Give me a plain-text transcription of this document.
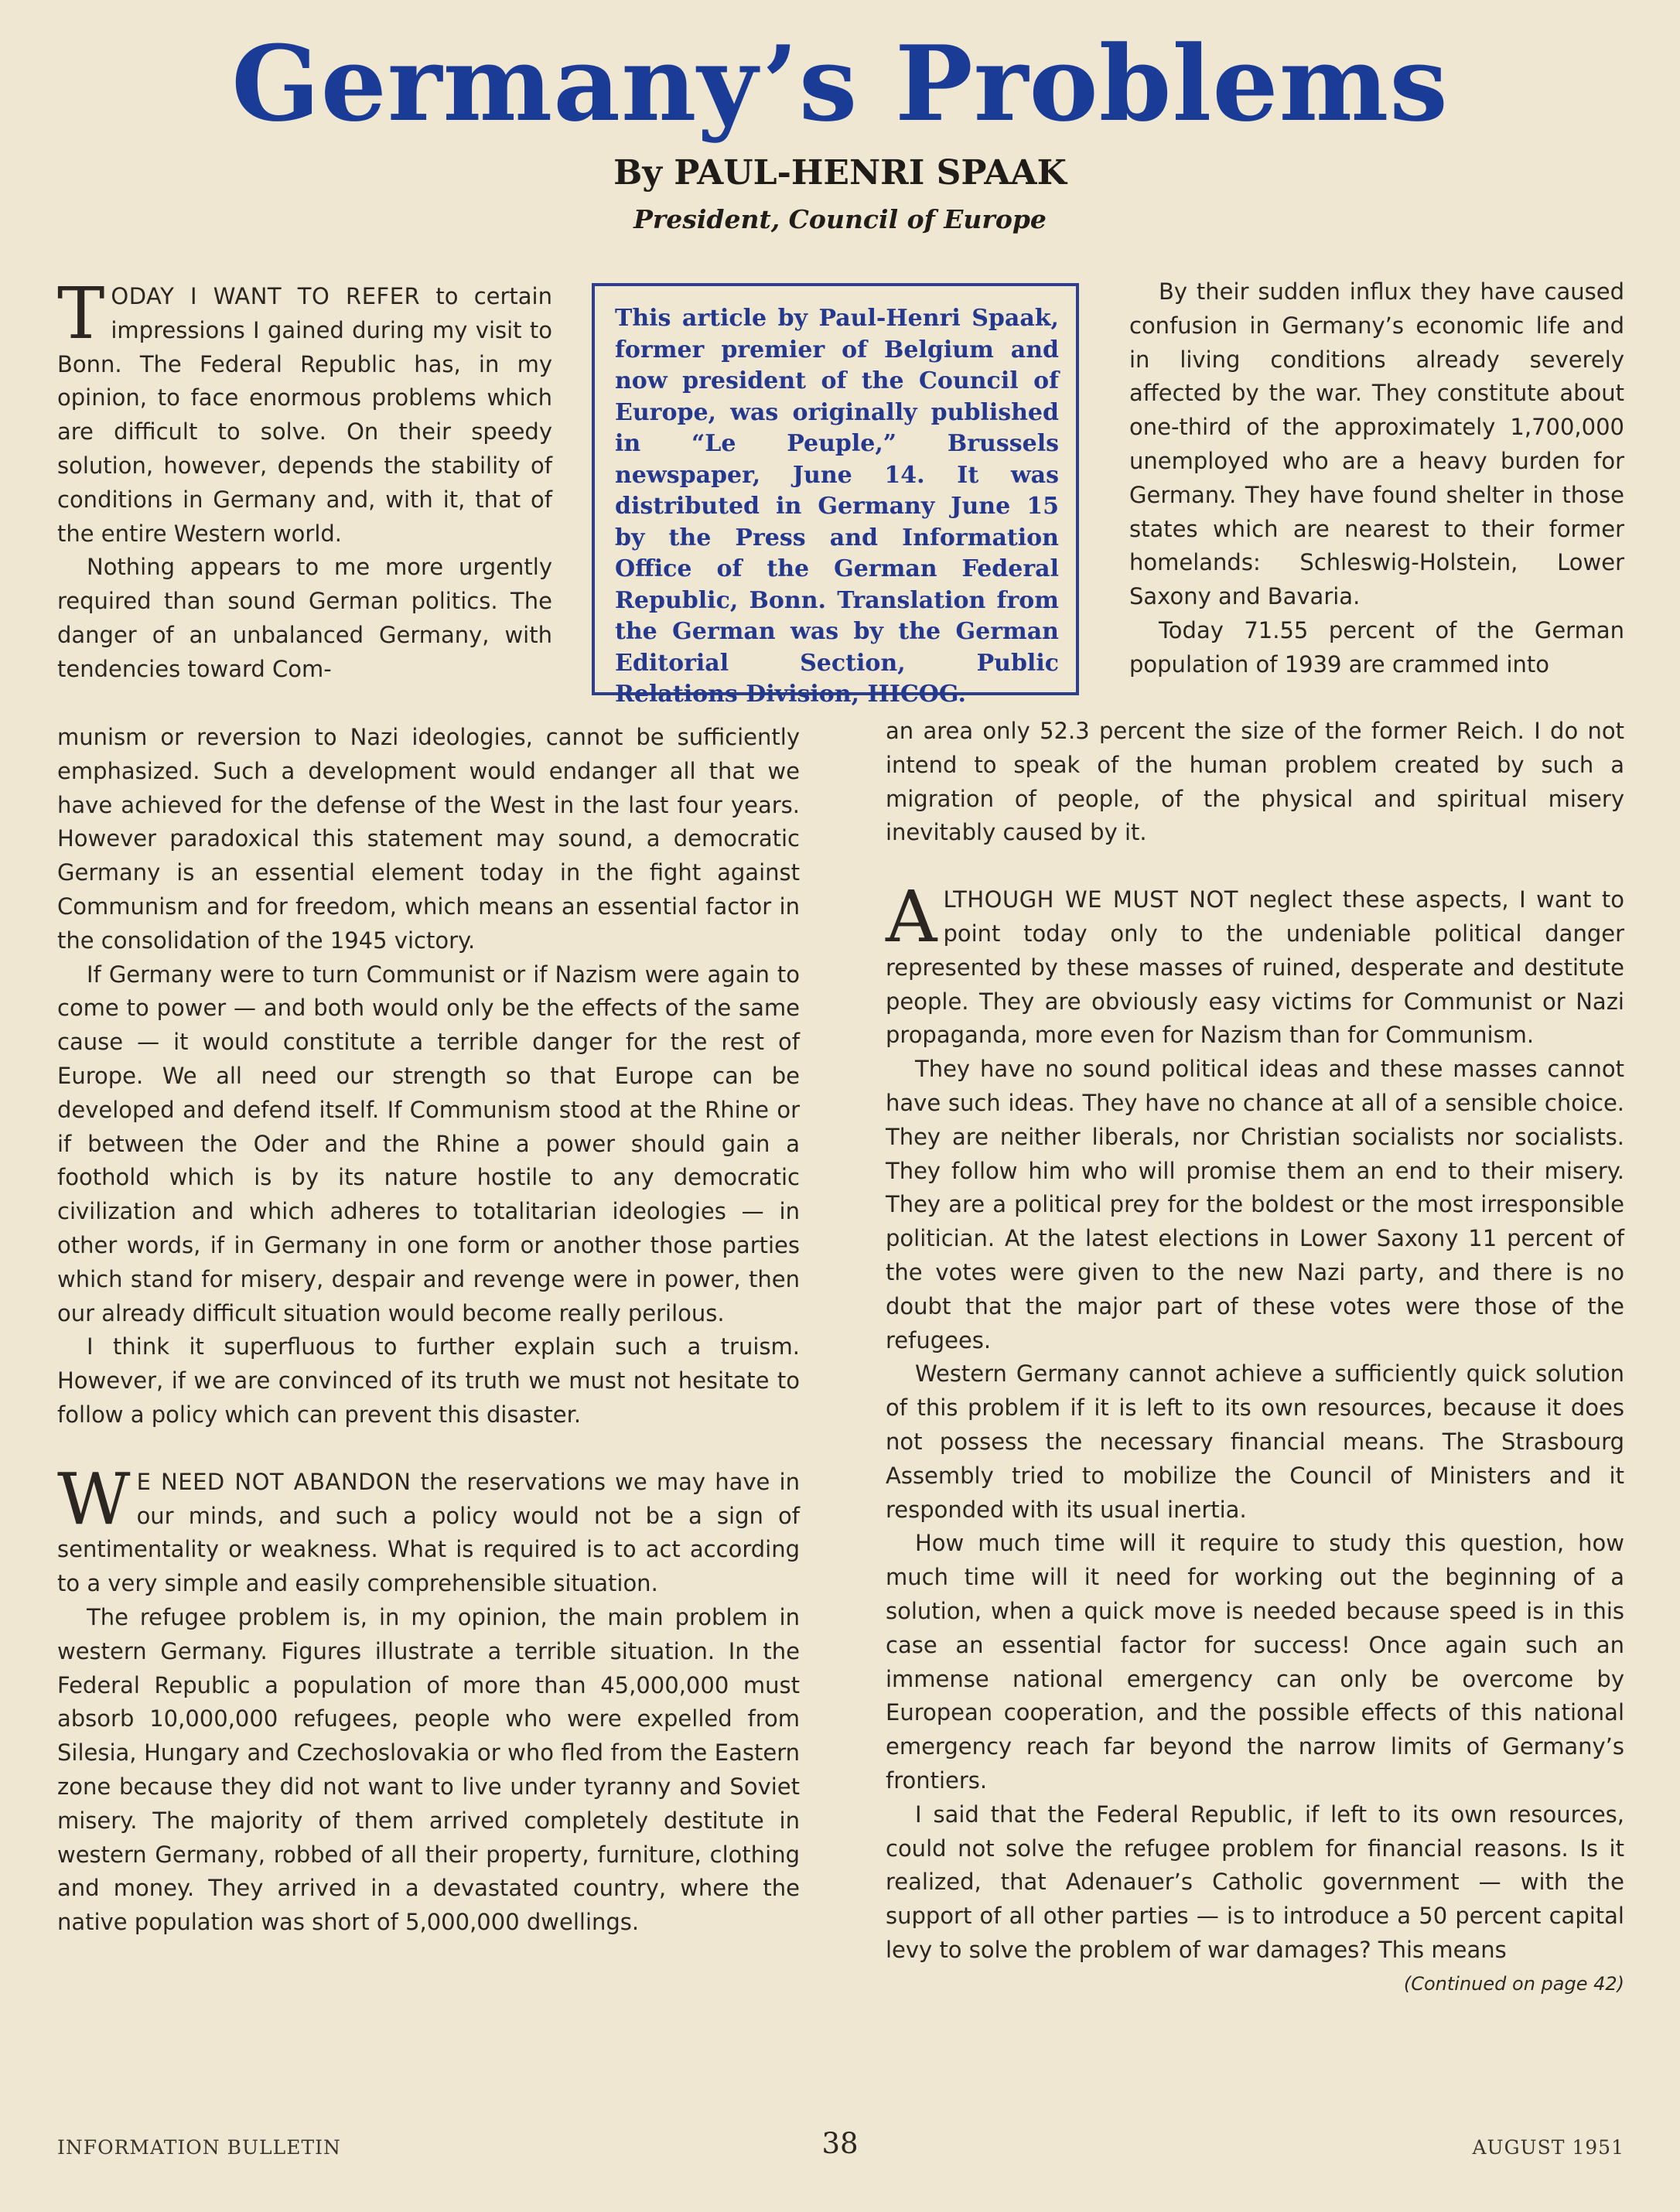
Germany’s Problems
By PAUL-HENRI SPAAK
President, Council of Europe

This article by Paul-Henri Spaak, former premier of Belgium and now president of the Council of Europe, was originally published in “Le Peuple,” Brussels newspaper, June 14. It was distributed in Germany June 15 by the Press and Information Office of the German Federal Republic, Bonn. Translation from the German was by the German Editorial Section, Public Relations Division, HICOG.

TODAY I WANT TO REFER to certain impressions I gained during my visit to Bonn. The Federal Republic has, in my opinion, to face enormous problems which are difficult to solve. On their speedy solution, however, depends the stability of conditions in Germany and, with it, that of the entire Western world.

Nothing appears to me more urgently required than sound German politics. The danger of an unbalanced Germany, with tendencies toward Com-

munism or reversion to Nazi ideologies, cannot be sufficiently emphasized. Such a development would endanger all that we have achieved for the defense of the West in the last four years. However paradoxical this statement may sound, a democratic Germany is an essential element today in the fight against Communism and for freedom, which means an essential factor in the consolidation of the 1945 victory.

If Germany were to turn Communist or if Nazism were again to come to power — and both would only be the effects of the same cause — it would constitute a terrible danger for the rest of Europe. We all need our strength so that Europe can be developed and defend itself. If Communism stood at the Rhine or if between the Oder and the Rhine a power should gain a foothold which is by its nature hostile to any democratic civilization and which adheres to totalitarian ideologies — in other words, if in Germany in one form or another those parties which stand for misery, despair and revenge were in power, then our already difficult situation would become really perilous.

I think it superfluous to further explain such a truism. However, if we are convinced of its truth we must not hesitate to follow a policy which can prevent this disaster.

W E NEED NOT ABANDON the reservations we may have in our minds, and such a policy would not be a sign of sentimentality or weakness. What is required is to act according to a very simple and easily comprehensible situation.

The refugee problem is, in my opinion, the main problem in western Germany. Figures illustrate a terrible situation. In the Federal Republic a population of more than 45,000,000 must absorb 10,000,000 refugees, people who were expelled from Silesia, Hungary and Czechoslovakia or who fled from the Eastern zone because they did not want to live under tyranny and Soviet misery. The majority of them arrived completely destitute in western Germany, robbed of all their property, furniture, clothing and money. They arrived in a devastated country, where the native population was short of 5,000,000 dwellings.

By their sudden influx they have caused confusion in Germany’s economic life and in living conditions already severely affected by the war. They constitute about one-third of the approximately 1,700,000 unemployed who are a heavy burden for Germany. They have found shelter in those states which are nearest to their former homelands: Schleswig-Holstein, Lower Saxony and Bavaria.

Today 71.55 percent of the German population of 1939 are crammed into

an area only 52.3 percent the size of the former Reich. I do not intend to speak of the human problem created by such a migration of people, of the physical and spiritual misery inevitably caused by it.

ALTHOUGH WE MUST NOT neglect these aspects, I want to point today only to the undeniable political danger represented by these masses of ruined, desperate and destitute people. They are obviously easy victims for Communist or Nazi propaganda, more even for Nazism than for Communism.

They have no sound political ideas and these masses cannot have such ideas. They have no chance at all of a sensible choice. They are neither liberals, nor Christian socialists nor socialists. They follow him who will promise them an end to their misery. They are a political prey for the boldest or the most irresponsible politician. At the latest elections in Lower Saxony 11 percent of the votes were given to the new Nazi party, and there is no doubt that the major part of these votes were those of the refugees.

Western Germany cannot achieve a sufficiently quick solution of this problem if it is left to its own resources, because it does not possess the necessary financial means. The Strasbourg Assembly tried to mobilize the Council of Ministers and it responded with its usual inertia.

How much time will it require to study this question, how much time will it need for working out the beginning of a solution, when a quick move is needed because speed is in this case an essential factor for success! Once again such an immense national emergency can only be overcome by European cooperation, and the possible effects of this national emergency reach far beyond the narrow limits of Germany’s frontiers.

I said that the Federal Republic, if left to its own resources, could not solve the refugee problem for financial reasons. Is it realized, that Adenauer’s Catholic government — with the support of all other parties — is to introduce a 50 percent capital levy to solve the problem of war damages? This means
(Continued on page 42)

INFORMATION BULLETIN	38	AUGUST 1951
